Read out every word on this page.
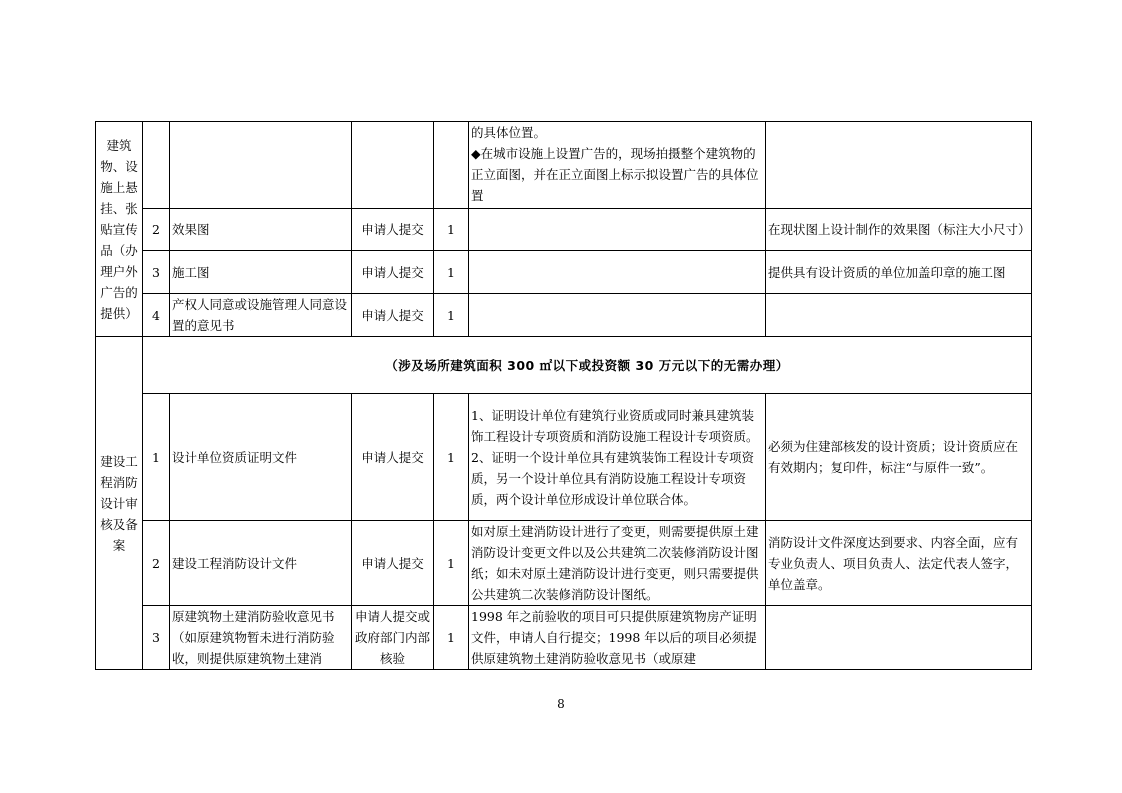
建筑物、设施上悬挂、张贴宣传品（办理户外广告的提供）					的具体位置。
◆在城市设施上设置广告的，现场拍摄整个建筑物的正立面图，并在正立面图上标示拟设置广告的具体位置	

	2	效果图	申请人提交	1		在现状图上设计制作的效果图（标注大小尺寸）
	3	施工图	申请人提交	1		提供具有设计资质的单位加盖印章的施工图
	4	产权人同意或设施管理人同意设置的意见书	申请人提交	1		
建设工程消防设计审核及备案	（涉及场所建筑面积 300 ㎡以下或投资额 30 万元以下的无需办理）					
	1	设计单位资质证明文件	申请人提交	1	1、证明设计单位有建筑行业资质或同时兼具建筑装饰工程设计专项资质和消防设施工程设计专项资质。
2、证明一个设计单位具有建筑装饰工程设计专项资质，另一个设计单位具有消防设施工程设计专项资质，两个设计单位形成设计单位联合体。	必须为住建部核发的设计资质；设计资质应在有效期内；复印件，标注“与原件一致”。
	2	建设工程消防设计文件	申请人提交	1	如对原土建消防设计进行了变更，则需要提供原土建消防设计变更文件以及公共建筑二次装修消防设计图纸；如未对原土建消防设计进行变更，则只需要提供公共建筑二次装修消防设计图纸。	消防设计文件深度达到要求、内容全面，应有专业负责人、项目负责人、法定代表人签字，单位盖章。
	3	原建筑物土建消防验收意见书（如原建筑物暂未进行消防验收，则提供原建筑物土建消	申请人提交或政府部门内部核验	1	1998 年之前验收的项目可只提供原建筑物房产证明文件，申请人自行提交；1998 年以后的项目必须提供原建筑物土建消防验收意见书（或原建	
8
